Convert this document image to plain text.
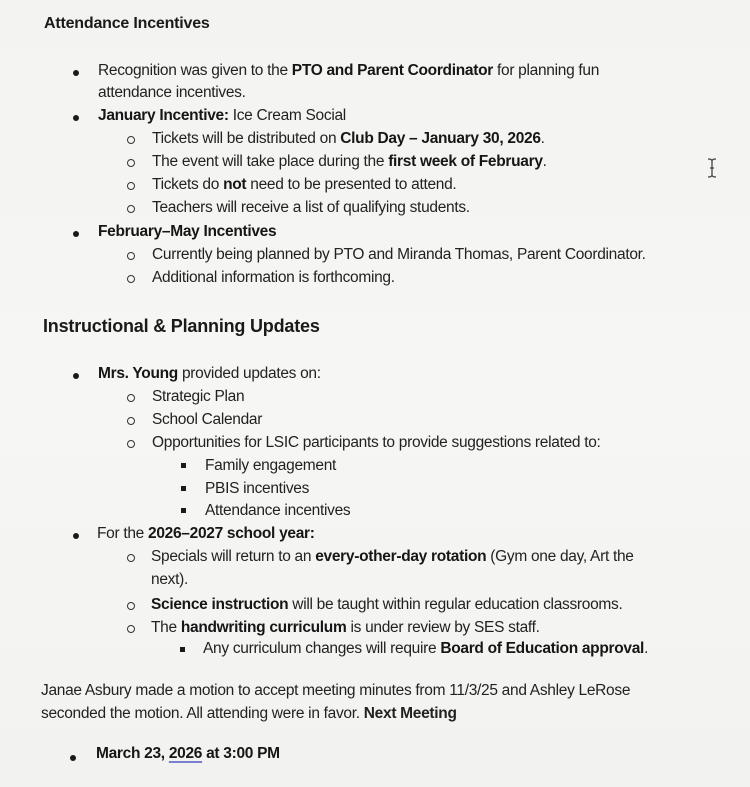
Attendance Incentives
Recognition was given to the PTO and Parent Coordinator for planning fun
attendance incentives.
January Incentive: Ice Cream Social
Tickets will be distributed on Club Day – January 30, 2026.
The event will take place during the first week of February.
Tickets do not need to be presented to attend.
Teachers will receive a list of qualifying students.
February–May Incentives
Currently being planned by PTO and Miranda Thomas, Parent Coordinator.
Additional information is forthcoming.
Instructional & Planning Updates
Mrs. Young provided updates on:
Strategic Plan
School Calendar
Opportunities for LSIC participants to provide suggestions related to:
Family engagement
PBIS incentives
Attendance incentives
For the 2026–2027 school year:
Specials will return to an every-other-day rotation (Gym one day, Art the
next).
Science instruction will be taught within regular education classrooms.
The handwriting curriculum is under review by SES staff.
Any curriculum changes will require Board of Education approval.
Janae Asbury made a motion to accept meeting minutes from 11/3/25 and Ashley LeRose
seconded the motion. All attending were in favor. Next Meeting
March 23, 2026 at 3:00 PM
